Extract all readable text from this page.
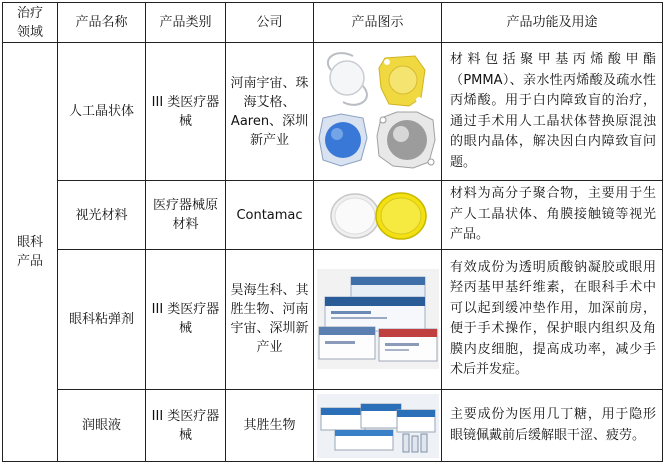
治疗领域	产品名称	产品类别	公司	产品图示	产品功能及用途
眼科产品	人工晶状体	III 类医疗器械	河南宇宙、珠海艾格、Aaren、深圳新产业		材料包括聚甲基丙烯酸甲酯（PMMA）、亲水性丙烯酸及疏水性丙烯酸。用于白内障致盲的治疗，通过手术用人工晶状体替换原混浊的眼内晶体，解决因白内障致盲问题。
	视光材料	医疗器械原材料	Contamac		材料为高分子聚合物，主要用于生产人工晶状体、角膜接触镜等视光产品。
	眼科粘弹剂	III 类医疗器械	昊海生科、其胜生物、河南宇宙、深圳新产业		有效成份为透明质酸钠凝胶或眼用羟丙基甲基纤维素，在眼科手术中可以起到缓冲垫作用，加深前房，便于手术操作，保护眼内组织及角膜内皮细胞，提高成功率，减少手术后并发症。
	润眼液	III 类医疗器械	其胜生物		主要成份为医用几丁糖，用于隐形眼镜佩戴前后缓解眼干涩、疲劳。
